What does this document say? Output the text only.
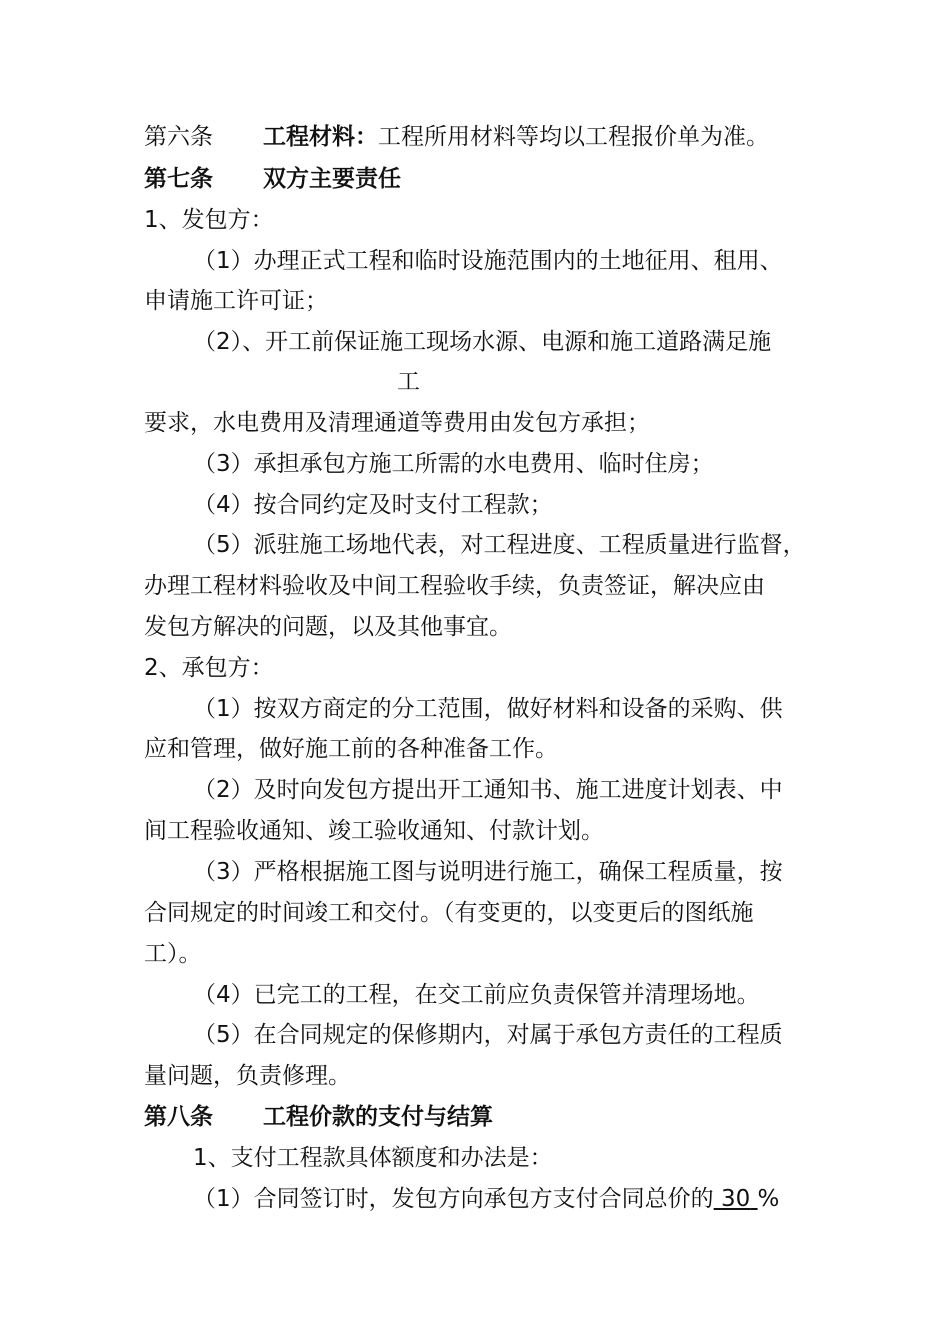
第六条 工程材料：工程所用材料等均以工程报价单为准。
第七条 双方主要责任
1、发包方：
（1）办理正式工程和临时设施范围内的土地征用、租用、
申请施工许可证；
（2）、开工前保证施工现场水源、电源和施工道路满足施
工
要求，水电费用及清理通道等费用由发包方承担；
（3）承担承包方施工所需的水电费用、临时住房；
（4）按合同约定及时支付工程款；
（5）派驻施工场地代表，对工程进度、工程质量进行监督，
办理工程材料验收及中间工程验收手续，负责签证，解决应由
发包方解决的问题，以及其他事宜。
2、承包方：
（1）按双方商定的分工范围，做好材料和设备的采购、供
应和管理，做好施工前的各种准备工作。
（2）及时向发包方提出开工通知书、施工进度计划表、中
间工程验收通知、竣工验收通知、付款计划。
（3）严格根据施工图与说明进行施工，确保工程质量，按
合同规定的时间竣工和交付。（有变更的，以变更后的图纸施
工）。
（4）已完工的工程，在交工前应负责保管并清理场地。
（5）在合同规定的保修期内，对属于承包方责任的工程质
量问题，负责修理。
第八条 工程价款的支付与结算
1、支付工程款具体额度和办法是：
（1）合同签订时，发包方向承包方支付合同总价的 30 %
